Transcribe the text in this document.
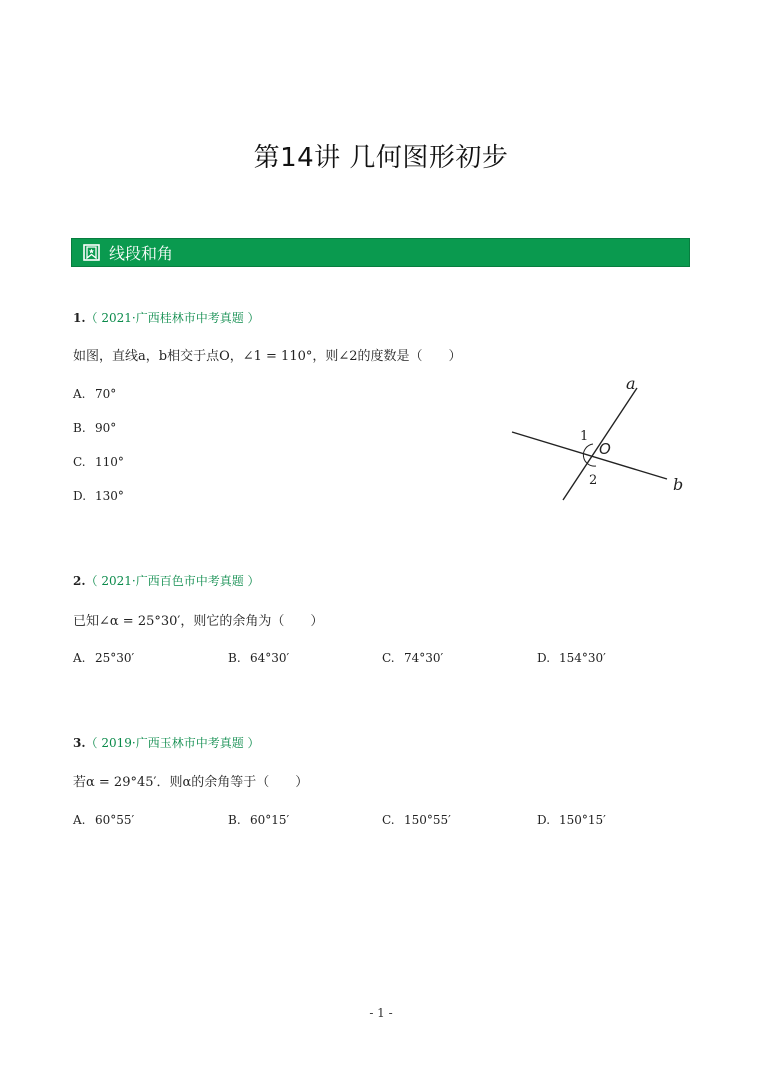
第14讲 几何图形初步
线段和角
1.（ 2021·广西桂林市中考真题 ）
如图，直线a，b相交于点O，∠1 = 110°，则∠2的度数是（　　）
A. 70°
B. 90°
C. 110°
D. 130°
a
b
O
1
2
2.（ 2021·广西百色市中考真题 ）
已知∠α = 25°30′，则它的余角为（　　）
A. 25°30′	B. 64°30′	C. 74°30′	D. 154°30′
3.（ 2019·广西玉林市中考真题 ）
若α = 29°45′．则α的余角等于（　　）
A. 60°55′	B. 60°15′	C. 150°55′	D. 150°15′
- 1 -
